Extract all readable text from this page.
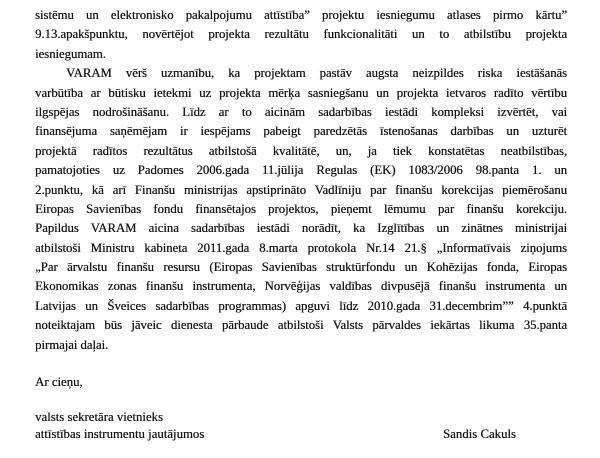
sistēmu un elektronisko pakalpojumu attīstība” projektu iesniegumu atlases pirmo kārtu”
9.13.apakšpunktu, novērtējot projekta rezultātu funkcionalitāti un to atbilstību projekta
iesniegumam.
VARAM vērš uzmanību, ka projektam pastāv augsta neizpildes riska iestāšanās
varbūtība ar būtisku ietekmi uz projekta mērķa sasniegšanu un projekta ietvaros radīto vērtību
ilgspējas nodrošināšanu. Līdz ar to aicinām sadarbības iestādi kompleksi izvērtēt, vai
finansējuma saņēmējam ir iespējams pabeigt paredzētās īstenošanas darbības un uzturēt
projektā radītos rezultātus atbilstošā kvalitātē, un, ja tiek konstatētas neatbilstības,
pamatojoties uz Padomes 2006.gada 11.jūlija Regulas (EK) 1083/2006 98.panta 1. un
2.punktu, kā arī Finanšu ministrijas apstiprināto Vadlīniju par finanšu korekcijas piemērošanu
Eiropas Savienības fondu finansētajos projektos, pieņemt lēmumu par finanšu korekciju.
Papildus VARAM aicina sadarbības iestādi norādīt, ka Izglītības un zinātnes ministrijai
atbilstoši Ministru kabineta 2011.gada 8.marta protokola Nr.14 21.§ „Informatīvais ziņojums
„Par ārvalstu finanšu resursu (Eiropas Savienības struktūrfondu un Kohēzijas fonda, Eiropas
Ekonomikas zonas finanšu instrumenta, Norvēģijas valdības divpusējā finanšu instrumenta un
Latvijas un Šveices sadarbības programmas) apguvi līdz 2010.gada 31.decembrim”” 4.punktā
noteiktajam būs jāveic dienesta pārbaude atbilstoši Valsts pārvaldes iekārtas likuma 35.panta
pirmajai daļai.
Ar cieņu,
valsts sekretāra vietnieks
attīstības instrumentu jautājumos	Sandis Cakuls
